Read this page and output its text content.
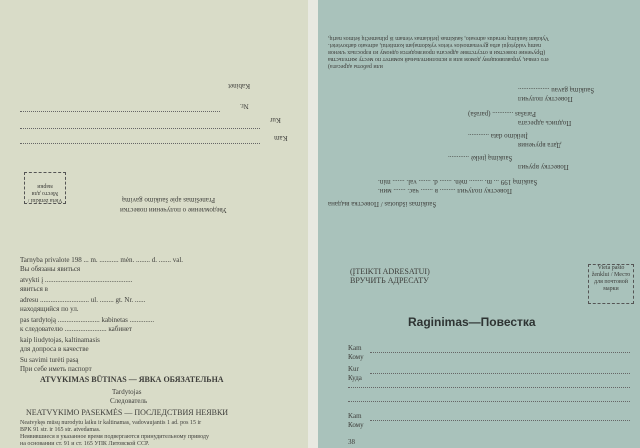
Kabinet
Nr.
Kur
Kam
Vieta ženklui / Место для марки
Pranešimas apie šaukimo gavimą
Уведомление о получении повестки
Tarnyba privalote 198 ... m. ........... mėn. ........ d. ....... val.
Вы обязаны явиться
atvykti į ..................................................
явиться в
adresu ............................ ul. ........ gt. Nr. ......
находящийся по ул.
pas tardytoją ........................ kabinetas ..............
к следователю ........................ кабинет
kaip liudytojas, kaltinamasis
для допроса в качестве
Su savimi turėti pasą
При себе иметь паспорт
ATVYKIMAS BŪTINAS — ЯВКА ОБЯЗАТЕЛЬНА
Tardytojas
Следователь
NEATVYKIMO PASEKMĖS — ПОСЛЕДСТВИЯ НЕЯВКИ
Neatvykęs mūsų nurodytu laiku ir kaltinamas, vadovaujantis 1 ad. pos 15 ir
BPK 91 str. ir 165 str. atvedamas.
Неявившиеся в указанное время подвергаются принудительному приводу
на основании ст. 91 и ст. 165 УПК Литовской ССР.
Vykdant šaukimą neradus adresato, šaukimas įteikiamas vienam iš pilnamečių šeimos narių,
namų valdytojui arba gyvenamosios vietos vykdomajam komitetui, adresato darbovietei.
(Вручение повестки в отсутствие адресата производится одному из взрослых членов
его семьи, управляющему домом или в исполнительный комитет по месту жительства
или работы адресата)
Šaukimą gavau ..................
Повестку получил
Parašas ............ (paraša)
Подпись адресата
Įteikimo data ............
Дата вручения
Šaukimą įteikė ............
Повестку вручил
Šaukimą 199 ... m. ........ mėn. ....... d. ....... val. ....... min.
Повестку получил ......... в ....... час. ....... мин.
Šaukimas išduotas / Повестка выдана
(ĮTEIKTI ADRESATUI)
ВРУЧИТЬ АДРЕСАТУ
Vieta pašto ženklui / Место для почтовой марки
Raginimas—Повестка
Kam
Кому
Kur
Куда
Kam
Кому
38
